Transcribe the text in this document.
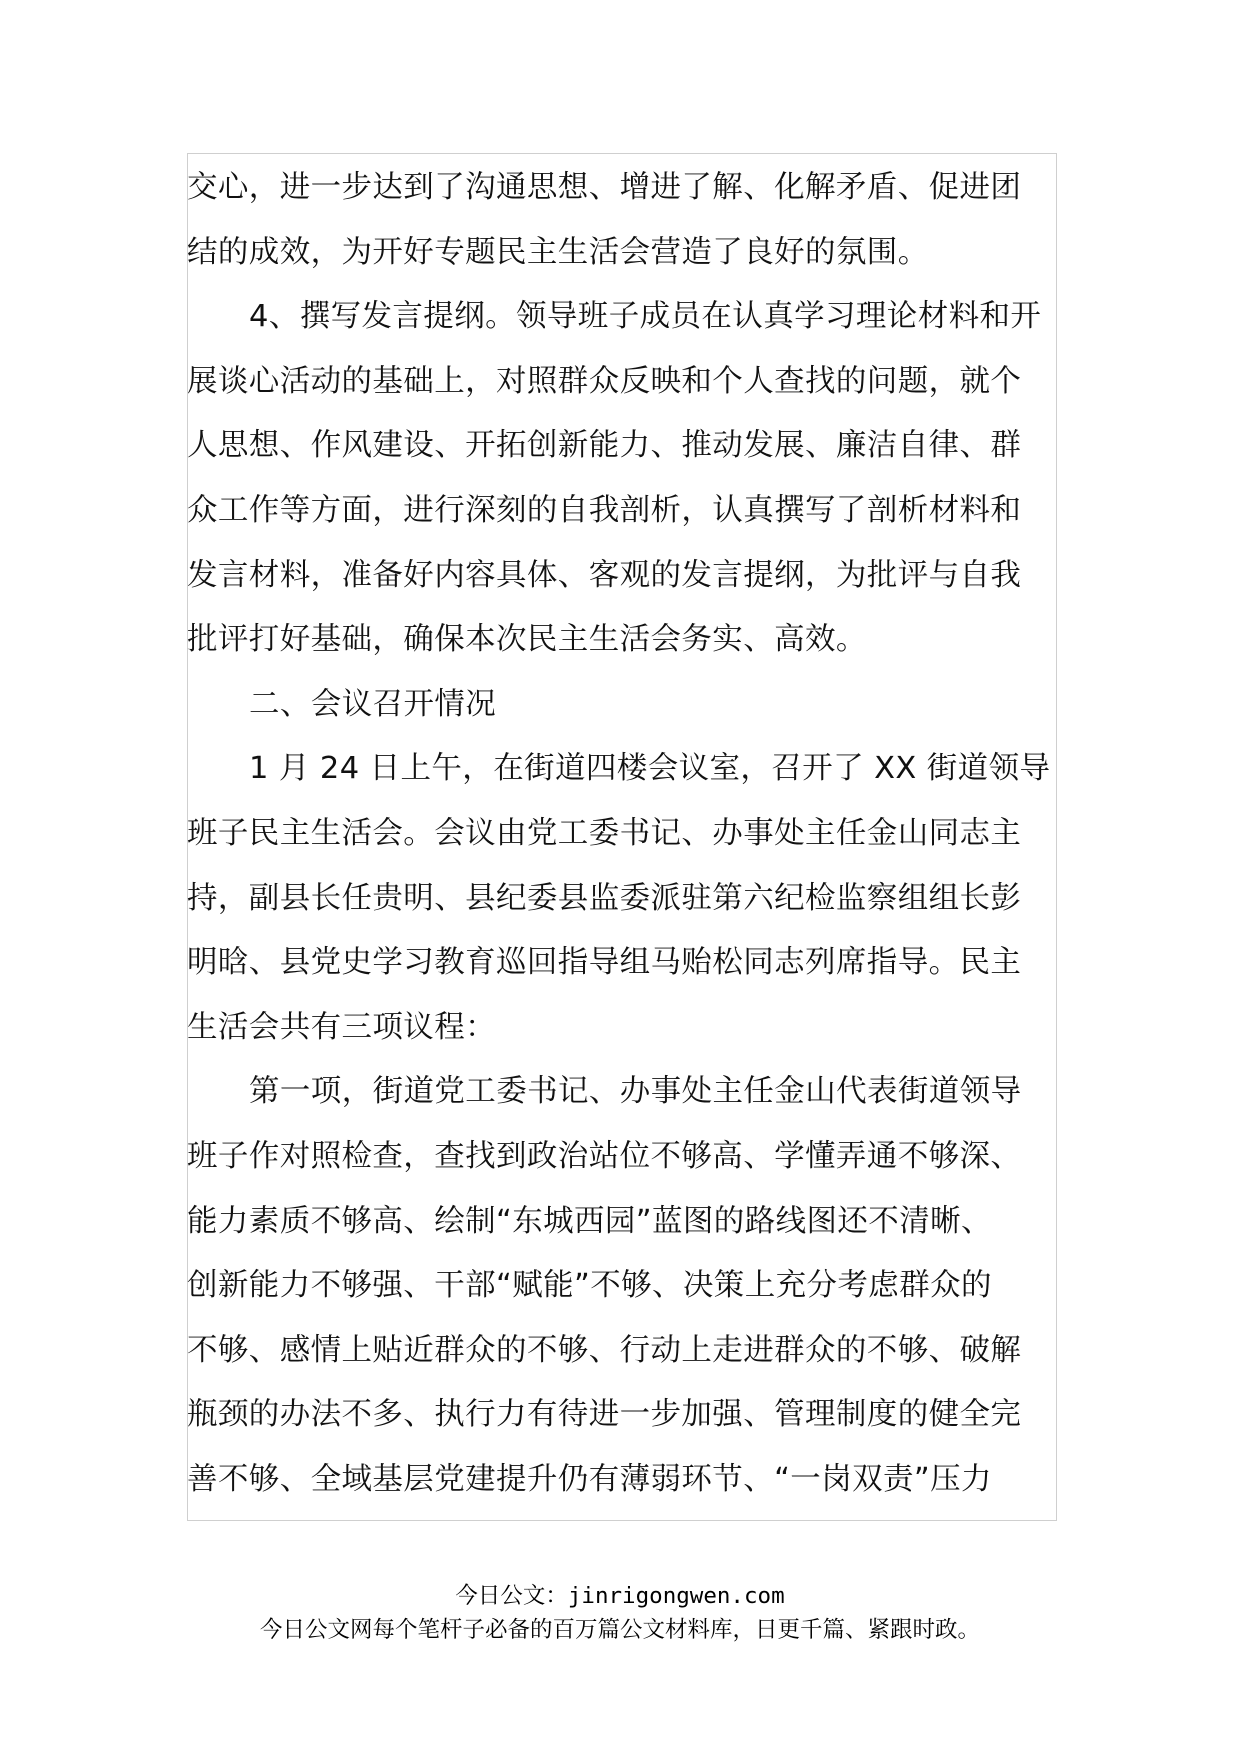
交心，进一步达到了沟通思想、增进了解、化解矛盾、促进团
结的成效，为开好专题民主生活会营造了良好的氛围。
4、撰写发言提纲。领导班子成员在认真学习理论材料和开
展谈心活动的基础上，对照群众反映和个人查找的问题，就个
人思想、作风建设、开拓创新能力、推动发展、廉洁自律、群
众工作等方面，进行深刻的自我剖析，认真撰写了剖析材料和
发言材料，准备好内容具体、客观的发言提纲，为批评与自我
批评打好基础，确保本次民主生活会务实、高效。
二、会议召开情况
1 月 24 日上午，在街道四楼会议室，召开了 XX 街道领导
班子民主生活会。会议由党工委书记、办事处主任金山同志主
持，副县长任贵明、县纪委县监委派驻第六纪检监察组组长彭
明晗、县党史学习教育巡回指导组马贻松同志列席指导。民主
生活会共有三项议程：
第一项，街道党工委书记、办事处主任金山代表街道领导
班子作对照检查，查找到政治站位不够高、学懂弄通不够深、
能力素质不够高、绘制“东城西园”蓝图的路线图还不清晰、
创新能力不够强、干部“赋能”不够、决策上充分考虑群众的
不够、感情上贴近群众的不够、行动上走进群众的不够、破解
瓶颈的办法不多、执行力有待进一步加强、管理制度的健全完
善不够、全域基层党建提升仍有薄弱环节、“一岗双责”压力
今日公文：jinrigongwen.com
今日公文网每个笔杆子必备的百万篇公文材料库，日更千篇、紧跟时政。
